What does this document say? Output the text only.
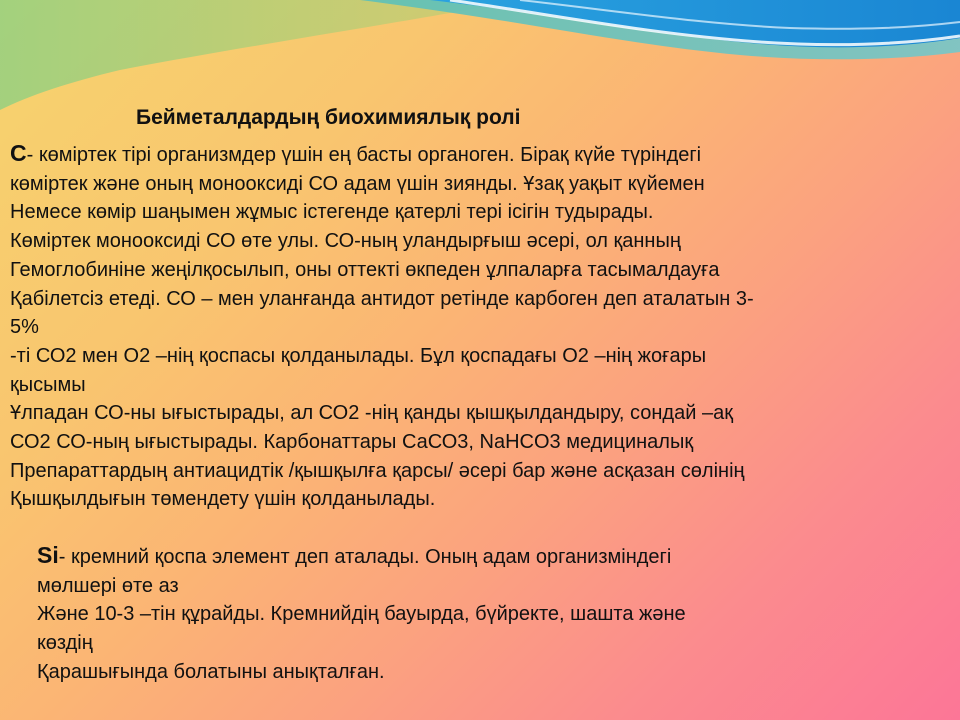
Бейметалдардың биохимиялық ролі
C- көміртек тірі организмдер үшін ең басты органоген. Бірақ күйе түріндегі
көміртек және оның монооксиді СО адам үшін зиянды. Ұзақ уақыт күйемен
Немесе көмір шаңымен жұмыс істегенде қатерлі тері ісігін тудырады.
Көміртек монооксиді СО өте улы. СО-ның уландырғыш әсері, ол қанның
Гемоглобиніне жеңілқосылып, оны оттекті өкпеден ұлпаларға тасымалдауға
Қабілетсіз етеді. СО – мен уланғанда антидот ретінде карбоген деп аталатын 3-
5%
-ті СО2 мен О2 –нің қоспасы қолданылады. Бұл қоспадағы О2 –нің жоғары
қысымы
Ұлпадан СО-ны ығыстырады, ал СО2 -нің қанды қышқылдандыру, сондай –ақ
СО2 СО-ның ығыстырады. Карбонаттары СаСО3, NaHCO3 медициналық
Препараттардың антиацидтік /қышқылға қарсы/ әсері бар және асқазан сөлінің
Қышқылдығын төмендету үшін қолданылады.
Si- кремний қоспа элемент деп аталады. Оның адам организміндегі
мөлшері өте аз
Және 10-3 –тін құрайды. Кремнийдің бауырда, бүйректе, шашта және
көздің
Қарашығында болатыны анықталған.
